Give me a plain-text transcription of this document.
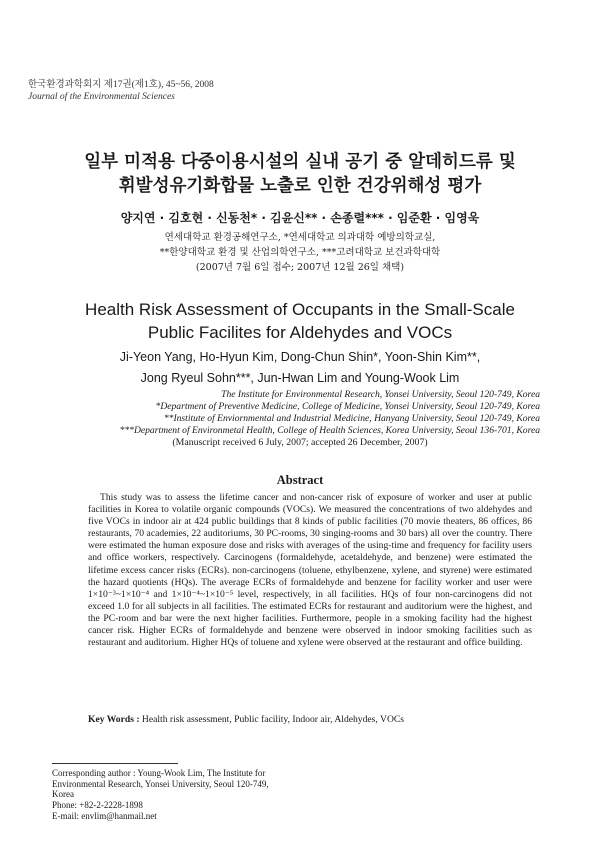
한국환경과학회지 제17권(제1호), 45~56, 2008
Journal of the Environmental Sciences
일부 미적용 다중이용시설의 실내 공기 중 알데히드류 및
휘발성유기화합물 노출로 인한 건강위해성 평가
양지연 · 김호현 · 신동천* · 김윤신** · 손종렬*** · 임준환 · 임영욱
연세대학교 환경공해연구소, *연세대학교 의과대학 예방의학교실,
**한양대학교 환경 및 산업의학연구소, ***고려대학교 보건과학대학
(2007년 7월 6일 접수; 2007년 12월 26일 채택)
Health Risk Assessment of Occupants in the Small-Scale
Public Facilites for Aldehydes and VOCs
Ji-Yeon Yang, Ho-Hyun Kim, Dong-Chun Shin*, Yoon-Shin Kim**,
Jong Ryeul Sohn***, Jun-Hwan Lim and Young-Wook Lim
The Institute for Environmental Research, Yonsei University, Seoul 120-749, Korea
*Department of Preventive Medicine, College of Medicine, Yonsei University, Seoul 120-749, Korea
**Institute of Enviornmental and Industrial Medicine, Hanyang University, Seoul 120-749, Korea
***Department of Environmetal Health, College of Health Sciences, Korea University, Seoul 136-701, Korea
(Manuscript received 6 July, 2007; accepted 26 December, 2007)
Abstract
This study was to assess the lifetime cancer and non-cancer risk of exposure of worker and user at public facilities in Korea to volatile organic compounds (VOCs). We measured the concentrations of two aldehydes and five VOCs in indoor air at 424 public buildings that 8 kinds of public facilities (70 movie theaters, 86 offices, 86 restaurants, 70 academies, 22 auditoriums, 30 PC-rooms, 30 singing-rooms and 30 bars) all over the country. There were estimated the human exposure dose and risks with averages of the using-time and frequency for facility users and office workers, respectively. Carcinogens (formaldehyde, acetaldehyde, and benzene) were estimated the lifetime excess cancer risks (ECRs). non-carcinogens (toluene, ethylbenzene, xylene, and styrene) were estimated the hazard quotients (HQs). The average ECRs of formaldehyde and benzene for facility worker and user were 1×10⁻³~1×10⁻⁴ and 1×10⁻⁴~1×10⁻⁵ level, respectively, in all facilities. HQs of four non-carcinogens did not exceed 1.0 for all subjects in all facilities. The estimated ECRs for restaurant and auditorium were the highest, and the PC-room and bar were the next higher facilities. Furthermore, people in a smoking facility had the highest cancer risk. Higher ECRs of formaldehyde and benzene were observed in indoor smoking facilities such as restaurant and auditorium. Higher HQs of toluene and xylene were observed at the restaurant and office building.
Key Words : Health risk assessment, Public facility, Indoor air, Aldehydes, VOCs
Corresponding author : Young-Wook Lim, The Institute for
Environmental Research, Yonsei University, Seoul 120-749,
Korea
Phone: +82-2-2228-1898
E-mail: envlim@hanmail.net
